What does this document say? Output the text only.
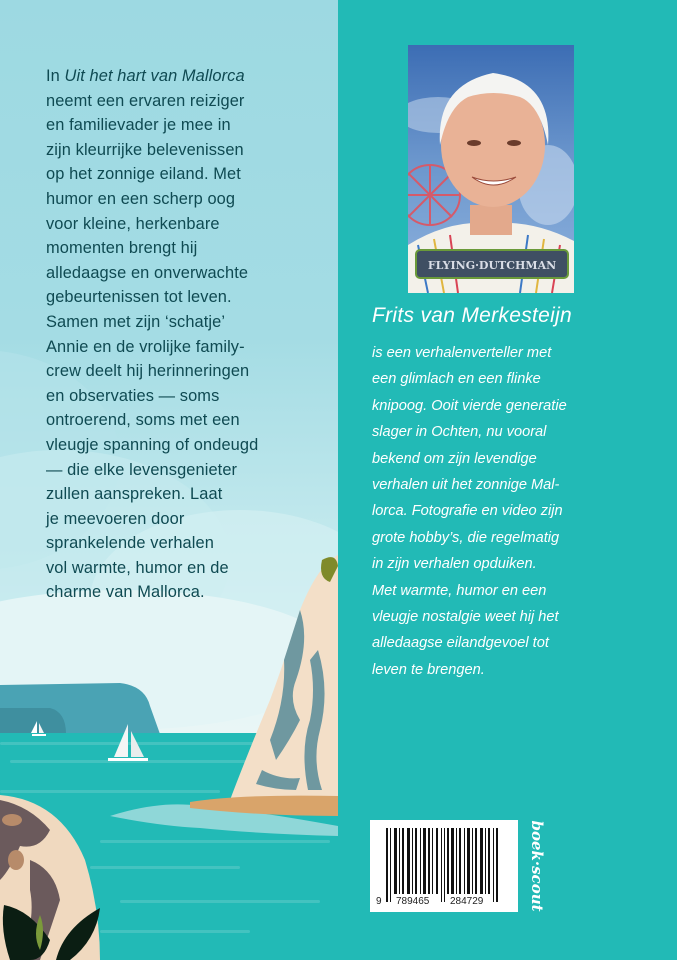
In Uit het hart van Mallorca

neemt een ervaren reiziger

en familievader je mee in

zijn kleurrijke belevenissen

op het zonnige eiland. Met

humor en een scherp oog

voor kleine, herkenbare

momenten brengt hij

alledaagse en onverwachte

gebeurtenissen tot leven.

Samen met zijn ‘schatje’

Annie en de vrolijke family-

crew deelt hij herinneringen

en observaties — soms

ontroerend, soms met een

vleugje spanning of ondeugd

— die elke levensgenieter

zullen aanspreken. Laat

je meevoeren door

sprankelende verhalen

vol warmte, humor en de

charme van Mallorca.

FLYING·DUTCHMAN
Frits van Merkesteijn

is een verhalenverteller met

een glimlach en een flinke

knipoog. Ooit vierde generatie

slager in Ochten, nu vooral

bekend om zijn levendige

verhalen uit het zonnige Mal-

lorca. Fotografie en video zijn

grote hobby’s, die regelmatig

in zijn verhalen opduiken.

Met warmte, humor en een

vleugje nostalgie weet hij het

alledaagse eilandgevoel tot

leven te brengen.

9 789465 284729	boek·scout
